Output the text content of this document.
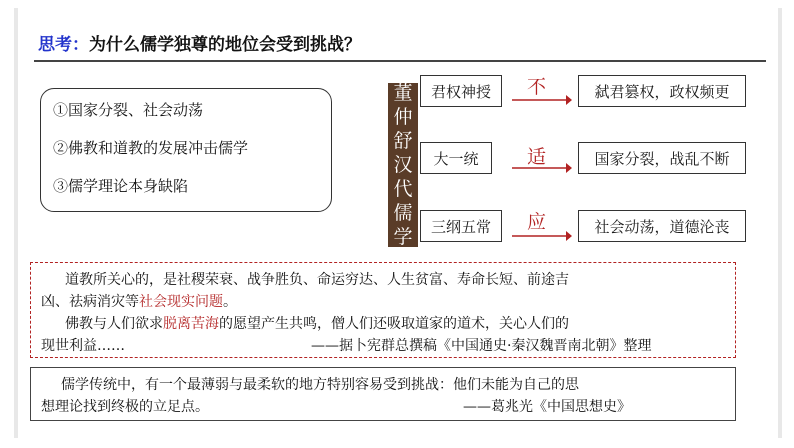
思考：为什么儒学独尊的地位会受到挑战？
①国家分裂、社会动荡
②佛教和道教的发展冲击儒学
③儒学理论本身缺陷
董
仲
舒
汉
代
儒
学
君权神授	不	弑君篡权，政权频更
大一统	适	国家分裂，战乱不断
三纲五常	应	社会动荡，道德沦丧
道教所关心的，是社稷荣衰、战争胜负、命运穷达、人生贫富、寿命长短、前途吉
凶、祛病消灾等社会现实问题。
佛教与人们欲求脱离苦海的愿望产生共鸣，僧人们还吸取道家的道术，关心人们的
现世利益……	——据卜宪群总撰稿《中国通史·秦汉魏晋南北朝》整理
儒学传统中，有一个最薄弱与最柔软的地方特别容易受到挑战：他们未能为自己的思
想理论找到终极的立足点。	——葛兆光《中国思想史》
